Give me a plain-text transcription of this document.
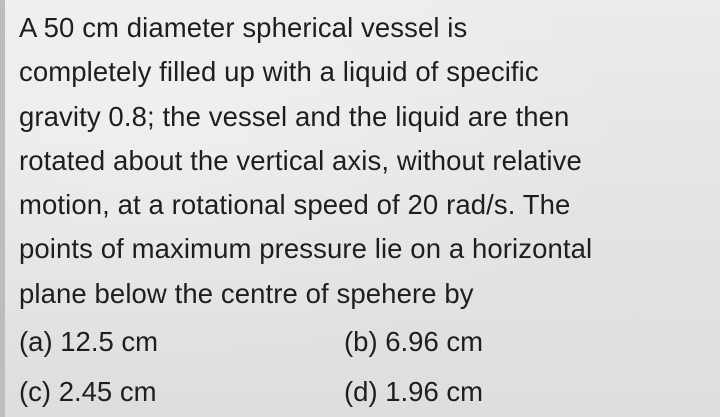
A 50 cm diameter spherical vessel is
completely filled up with a liquid of specific
gravity 0.8; the vessel and the liquid are then
rotated about the vertical axis, without relative
motion, at a rotational speed of 20 rad/s. The
points of maximum pressure lie on a horizontal
plane below the centre of spehere by
(a) 12.5 cm	(b) 6.96 cm
(c) 2.45 cm	(d) 1.96 cm
